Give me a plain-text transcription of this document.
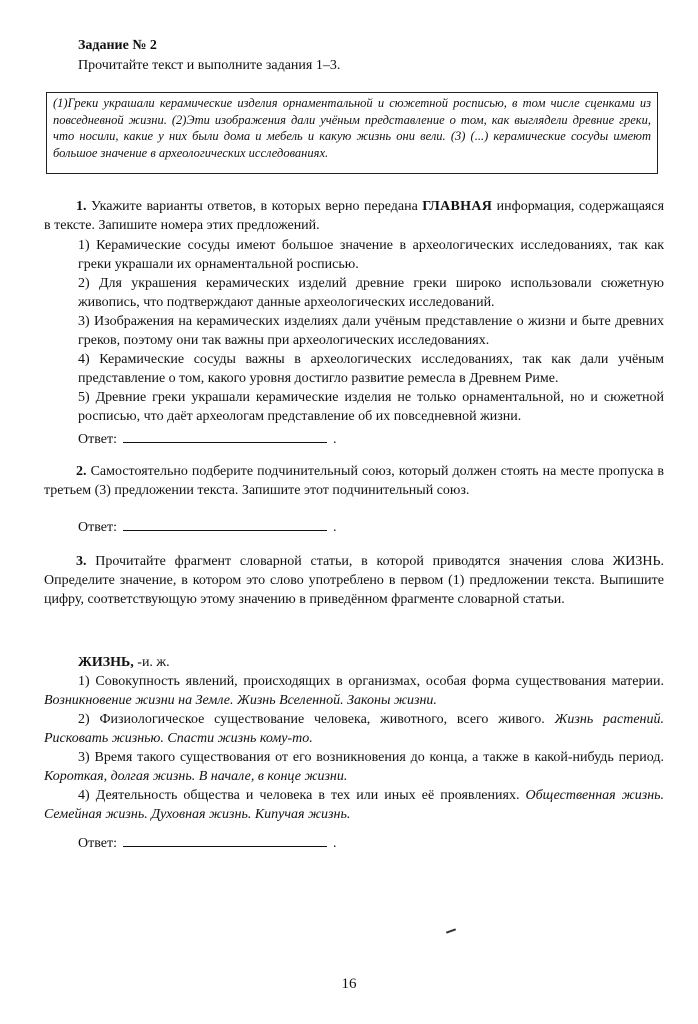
Задание № 2
Прочитайте текст и выполните задания 1–3.
(1)Греки украшали керамические изделия орнаментальной и сюжетной росписью, в том числе сценками из повседневной жизни. (2)Эти изображения дали учёным представление о том, как выглядели древние греки, что носили, какие у них были дома и мебель и какую жизнь они вели. (3) (...) керамические сосуды имеют большое значение в археологических исследованиях.
1. Укажите варианты ответов, в которых верно передана ГЛАВНАЯ информация, содержащаяся в тексте. Запишите номера этих предложений.

1) Керамические сосуды имеют большое значение в археологических исследованиях, так как греки украшали их орнаментальной росписью.

2) Для украшения керамических изделий древние греки широко использовали сюжетную живопись, что подтверждают данные археологических исследований.

3) Изображения на керамических изделиях дали учёным представление о жизни и быте древних греков, поэтому они так важны при археологических исследованиях.

4) Керамические сосуды важны в археологических исследованиях, так как дали учёным представление о том, какого уровня достигло развитие ремесла в Древнем Риме.

5) Древние греки украшали керамические изделия не только орнаментальной, но и сюжетной росписью, что даёт археологам представление об их повседневной жизни.

Ответ:	.
2. Самостоятельно подберите подчинительный союз, который должен стоять на месте пропуска в третьем (3) предложении текста. Запишите этот подчинительный союз.
Ответ:	.
3. Прочитайте фрагмент словарной статьи, в которой приводятся значения слова ЖИЗНЬ. Определите значение, в котором это слово употреблено в первом (1) предложении текста. Выпишите цифру, соответствующую этому значению в приведённом фрагменте словарной статьи.
ЖИЗНЬ, -и. ж.

1) Совокупность явлений, происходящих в организмах, особая форма существования материи. Возникновение жизни на Земле. Жизнь Вселенной. Законы жизни.

2) Физиологическое существование человека, животного, всего живого. Жизнь растений. Рисковать жизнью. Спасти жизнь кому-то.

3) Время такого существования от его возникновения до конца, а также в какой-нибудь период. Короткая, долгая жизнь. В начале, в конце жизни.

4) Деятельность общества и человека в тех или иных её проявлениях. Общественная жизнь. Семейная жизнь. Духовная жизнь. Кипучая жизнь.

Ответ:	.
16
